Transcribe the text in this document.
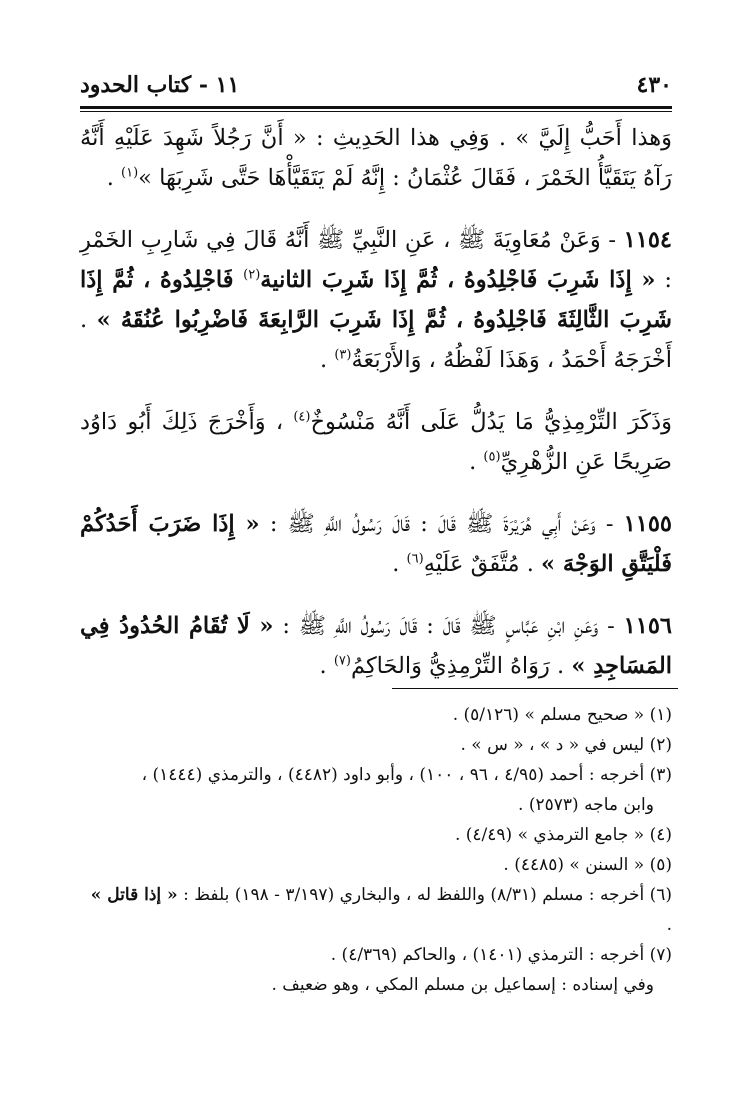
٤٣٠
١١ - كتاب الحدود

وَهذا أَحَبُّ إِلَيَّ » . وَفِي هذا الحَدِيثِ : « أَنَّ رَجُلاً شَهِدَ عَلَيْهِ أَنَّهُ رَآهُ يَتَقَيَّأُ الخَمْرَ ، فَقَالَ عُثْمَانُ : إِنَّهُ لَمْ يَتَقَيَّأْهَا حَتَّى شَرِبَهَا »$^{(١)}$ .

١١٥٤ - وَعَنْ مُعَاوِيَةَ ﷺ ، عَنِ النَّبِيِّ ﷺ أَنَّهُ قَالَ فِي شَارِبِ الخَمْرِ : « إِذَا شَرِبَ فَاجْلِدُوهُ ، ثُمَّ إِذَا شَرِبَ الثانية$^{(٢)}$ فَاجْلِدُوهُ ، ثُمَّ إِذَا شَرِبَ الثَّالِثَةَ فَاجْلِدُوهُ ، ثُمَّ إِذَا شَرِبَ الرَّابِعَةَ فَاضْرِبُوا عُنُقَهُ » . أَخْرَجَهُ أَحْمَدُ ، وَهَذَا لَفْظُهُ ، وَالأَرْبَعَةُ$^{(٣)}$ .

وَذَكَرَ التِّرْمِذِيُّ مَا يَدُلُّ عَلَى أَنَّهُ مَنْسُوخٌ$^{(٤)}$ ، وَأَخْرَجَ ذَلِكَ أَبُو دَاوُد صَرِيحًا عَنِ الزُّهْرِيِّ$^{(٥)}$ .

١١٥٥ - وَعَنْ أَبِي هُرَيْرَةَ ﷺ قَالَ : قَالَ رَسُولُ اللَّهِ ﷺ : « إِذَا ضَرَبَ أَحَدُكُمْ فَلْيَتَّقِ الوَجْهَ » . مُتَّفَقٌ عَلَيْهِ$^{(٦)}$ .

١١٥٦ - وَعَنِ ابْنِ عَبَّاسٍ ﷺ قَالَ : قَالَ رَسُولُ اللَّهِ ﷺ : « لَا تُقَامُ الحُدُودُ فِي المَسَاجِدِ » . رَوَاهُ التِّرْمِذِيُّ وَالحَاكِمُ$^{(٧)}$ .

(١) « صحيح مسلم » (٥/١٢٦) .

(٢) ليس في « د » ، « س » .

(٣) أخرجه : أحمد (٤/٩٥ ، ٩٦ ، ١٠٠) ، وأبو داود (٤٤٨٢) ، والترمذي (١٤٤٤) ،

وابن ماجه (٢٥٧٣) .

(٤) « جامع الترمذي » (٤/٤٩) .

(٥) « السنن » (٤٤٨٥) .

(٦) أخرجه : مسلم (٨/٣١) واللفظ له ، والبخاري (٣/١٩٧ - ١٩٨) بلفظ : « إذا قاتل » .

(٧) أخرجه : الترمذي (١٤٠١) ، والحاكم (٤/٣٦٩) .

وفي إسناده : إسماعيل بن مسلم المكي ، وهو ضعيف .
